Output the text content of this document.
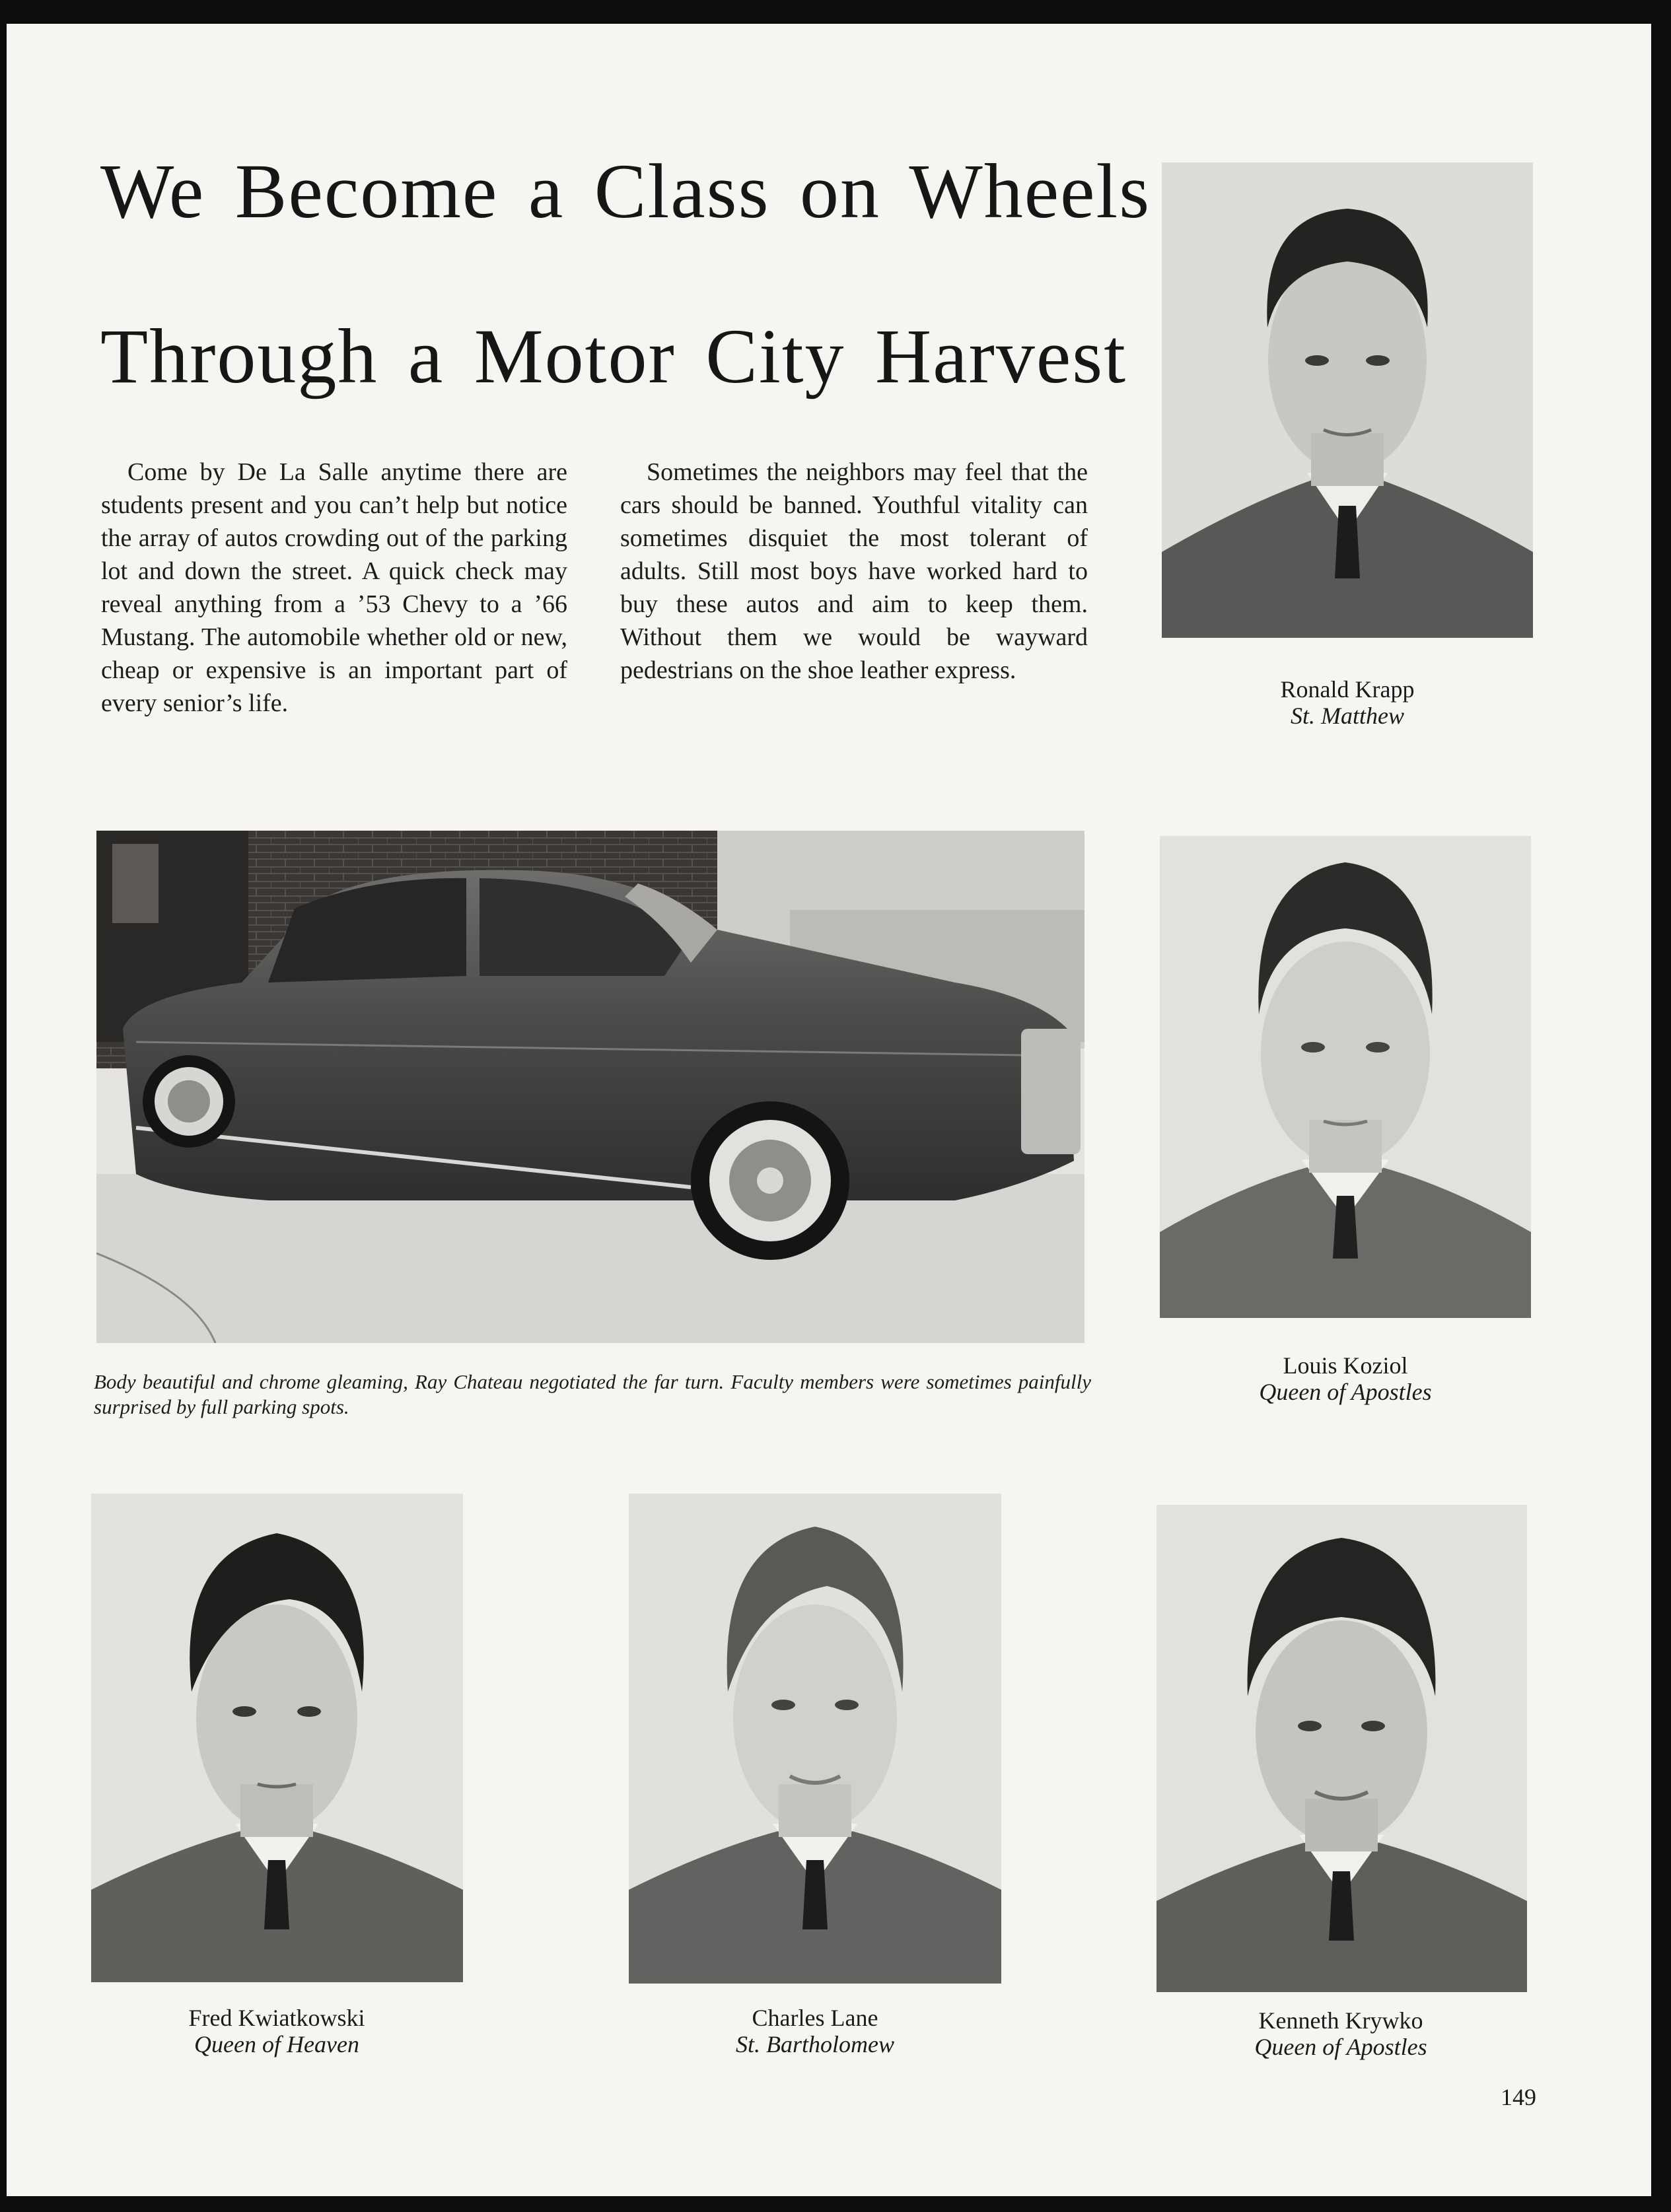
We Become a Class on Wheels
Through a Motor City Harvest
Come by De La Salle anytime there are students present and you can’t help but notice the array of autos crowding out of the parking lot and down the street. A quick check may reveal anything from a ’53 Chevy to a ’66 Mustang. The automobile whether old or new, cheap or expensive is an important part of every senior’s life.
Sometimes the neighbors may feel that the cars should be banned. Youthful vitality can sometimes disquiet the most tolerant of adults. Still most boys have worked hard to buy these autos and aim to keep them. Without them we would be wayward pedestrians on the shoe leather express.
Body beautiful and chrome gleaming, Ray Chateau negotiated the far turn. Faculty members were sometimes painfully surprised by full parking spots.
Ronald Krapp
St. Matthew
Louis Koziol
Queen of Apostles
Fred Kwiatkowski
Queen of Heaven
Charles Lane
St. Bartholomew
Kenneth Krywko
Queen of Apostles
149
